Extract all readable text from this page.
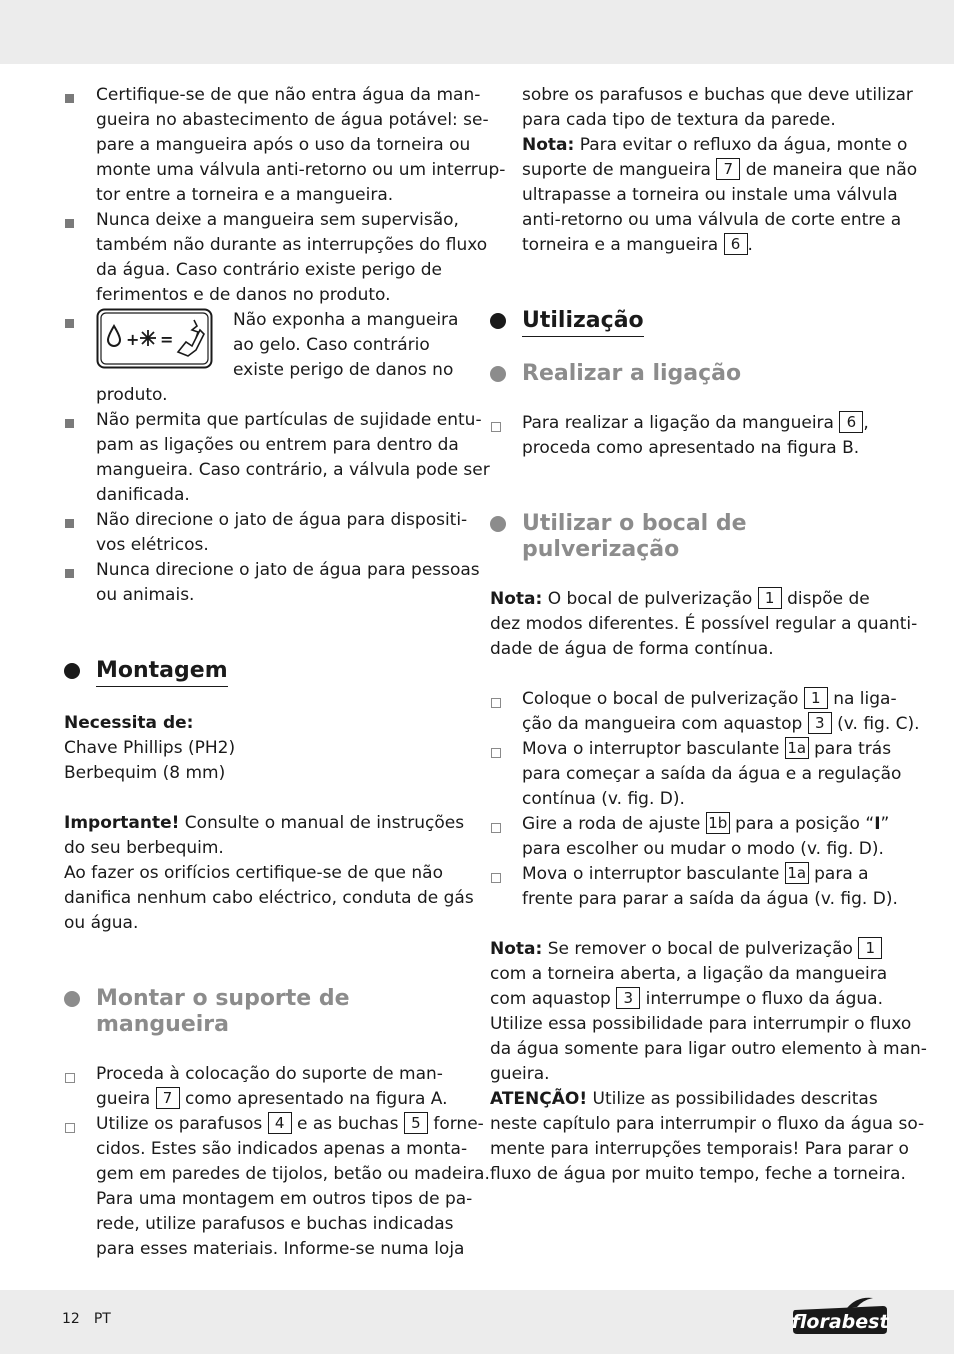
Certifique-se de que não entra água da man-
gueira no abastecimento de água potável: se-
pare a mangueira após o uso da torneira ou
monte uma válvula anti-retorno ou um interrup-
tor entre a torneira e a mangueira.
Nunca deixe a mangueira sem supervisão,
também não durante as interrupções do fluxo
da água. Caso contrário existe perigo de
ferimentos e de danos no produto.
Não exponha a mangueira
ao gelo. Caso contrário
existe perigo de danos no
produto.
+ =
Não permita que partículas de sujidade entu-
pam as ligações ou entrem para dentro da
mangueira. Caso contrário, a válvula pode ser
danificada.
Não direcione o jato de água para dispositi-
vos elétricos.
Nunca direcione o jato de água para pessoas
ou animais.
Montagem
Necessita de:
Chave Phillips (PH2)
Berbequim (8 mm)
Importante! Consulte o manual de instruções
do seu berbequim.
Ao fazer os orifícios certifique-se de que não
danifica nenhum cabo eléctrico, conduta de gás
ou água.
Montar o suporte de
mangueira
Proceda à colocação do suporte de man-
gueira 7 como apresentado na figura A.
Utilize os parafusos 4 e as buchas 5 forne-
cidos. Estes são indicados apenas a monta-
gem em paredes de tijolos, betão ou madeira.
Para uma montagem em outros tipos de pa-
rede, utilize parafusos e buchas indicadas
para esses materiais. Informe-se numa loja
sobre os parafusos e buchas que deve utilizar
para cada tipo de textura da parede.
Nota: Para evitar o refluxo da água, monte o
suporte de mangueira 7 de maneira que não
ultrapasse a torneira ou instale uma válvula
anti-retorno ou uma válvula de corte entre a
torneira e a mangueira 6 .
Utilização
Realizar a ligação
Para realizar a ligação da mangueira 6 ,
proceda como apresentado na figura B.
Utilizar o bocal de
pulverização
Nota: O bocal de pulverização 1 dispõe de
dez modos diferentes. É possível regular a quanti-
dade de água de forma contínua.
Coloque o bocal de pulverização 1 na liga-
ção da mangueira com aquastop 3 (v. fig. C).
Mova o interruptor basculante 1a para trás
para começar a saída da água e a regulação
contínua (v. fig. D).
Gire a roda de ajuste 1b para a posição “I”
para escolher ou mudar o modo (v. fig. D).
Mova o interruptor basculante 1a para a
frente para parar a saída da água (v. fig. D).
Nota: Se remover o bocal de pulverização 1
com a torneira aberta, a ligação da mangueira
com aquastop 3 interrumpe o fluxo da água.
Utilize essa possibilidade para interrumpir o fluxo
da água somente para ligar outro elemento à man-
gueira.
ATENÇÃO! Utilize as possibilidades descritas
neste capítulo para interrumpir o fluxo da água so-
mente para interrupções temporais! Para parar o
fluxo de água por muito tempo, feche a torneira.
12 PT	florabest
